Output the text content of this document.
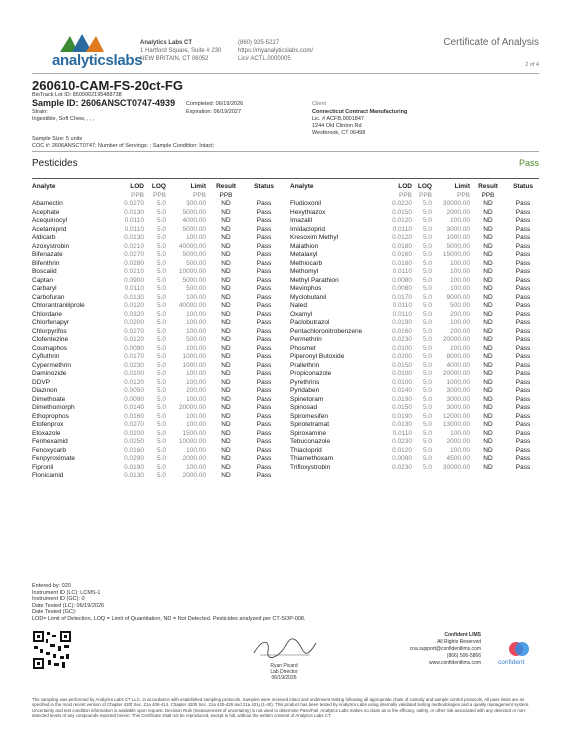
analyticslabs
Analytics Labs CT
1 Hartford Square, Suite # 230
NEW BRITAIN, CT 06052
(860) 925-5227
https://myanalyticslabs.com/
Lic# ACTL.0000005
Certificate of Analysis
2 of 4
260610-CAM-FS-20ct-FG
BioTrack Lot ID: 8509902195488738
Sample ID: 2606ANSCT0747-4939
Strain:
Ingestible, Soft Chew, , , ,
Completed: 06/19/2026
Expiration: 06/19/2027
Client
Connecticut Contract Manufacturing
Lic. # ACFB.0001847
1244 Old Clinton Rd
Westbrook, CT 06498
Sample Size: 5 units
COC #: 2606ANSCT0747; Number of Servings: ; Sample Condition: Intact;
Pesticides	Pass
Analyte	LOD	LOQ	Limit	Result	Status
	PPB	PPB	PPB	PPB	
Abamectin	0.0270	5.0	300.00	ND	Pass
Acephate	0.0130	5.0	5000.00	ND	Pass
Acequinocyl	0.0110	5.0	4000.00	ND	Pass
Acetamiprid	0.0110	5.0	5000.00	ND	Pass
Aldicarb	0.0130	5.0	100.00	ND	Pass
Azoxystrobin	0.0210	5.0	40000.00	ND	Pass
Bifenazate	0.0270	5.0	5000.00	ND	Pass
Bifenthrin	0.0280	5.0	500.00	ND	Pass
Boscalid	0.0210	5.0	10000.00	ND	Pass
Captan	0.0900	5.0	5000.00	ND	Pass
Carbaryl	0.0110	5.0	500.00	ND	Pass
Carbofuran	0.0130	5.0	100.00	ND	Pass
Chlorantraniliprole	0.0120	5.0	40000.00	ND	Pass
Chlordane	0.0320	5.0	100.00	ND	Pass
Chlorfenapyr	0.0200	5.0	100.00	ND	Pass
Chlorpyrifos	0.0270	5.0	100.00	ND	Pass
Clofentezine	0.0120	5.0	500.00	ND	Pass
Coumaphos	0.0090	5.0	100.00	ND	Pass
Cyfluthrin	0.0170	5.0	1000.00	ND	Pass
Cypermethrin	0.0230	5.0	1000.00	ND	Pass
Daminozide	0.0100	5.0	100.00	ND	Pass
DDVP	0.0120	5.0	100.00	ND	Pass
Diazinon	0.0050	5.0	200.00	ND	Pass
Dimethoate	0.0090	5.0	100.00	ND	Pass
Dimethomorph	0.0140	5.0	20000.00	ND	Pass
Ethoprophos	0.0160	5.0	100.00	ND	Pass
Etofenprox	0.0270	5.0	100.00	ND	Pass
Etoxazole	0.0200	5.0	1500.00	ND	Pass
Fenhexamid	0.0250	5.0	10000.00	ND	Pass
Fenoxycarb	0.0160	5.0	100.00	ND	Pass
Fenpyroximate	0.0290	5.0	2000.00	ND	Pass
Fipronil	0.0190	5.0	100.00	ND	Pass
Flonicamid	0.0130	5.0	2000.00	ND	Pass
Analyte	LOD	LOQ	Limit	Result	Status
	PPB	PPB	PPB	PPB	
Fludioxonil	0.0220	5.0	30000.00	ND	Pass
Hexythiazox	0.0150	5.0	2000.00	ND	Pass
Imazalil	0.0120	5.0	100.00	ND	Pass
Imidacloprid	0.0110	5.0	3000.00	ND	Pass
Kresoxim Methyl	0.0120	5.0	1000.00	ND	Pass
Malathion	0.0180	5.0	5000.00	ND	Pass
Metalaxyl	0.0160	5.0	15000.00	ND	Pass
Methiocarb	0.0180	5.0	100.00	ND	Pass
Methomyl	0.0110	5.0	100.00	ND	Pass
Methyl Parathion	0.0080	5.0	100.00	ND	Pass
Mevinphos	0.0080	5.0	100.00	ND	Pass
Myclobutanil	0.0170	5.0	9000.00	ND	Pass
Naled	0.0110	5.0	500.00	ND	Pass
Oxamyl	0.0110	5.0	200.00	ND	Pass
Paclobutrazol	0.0190	5.0	100.00	ND	Pass
Pentachloronitrobenzene	0.0160	5.0	200.00	ND	Pass
Permethrin	0.0230	5.0	20000.00	ND	Pass
Phosmet	0.0100	5.0	200.00	ND	Pass
Piperonyl Butoxide	0.0200	5.0	8000.00	ND	Pass
Prallethrin	0.0150	5.0	4000.00	ND	Pass
Propiconazole	0.0100	5.0	20000.00	ND	Pass
Pyrethrins	0.0100	5.0	1000.00	ND	Pass
Pyridaben	0.0240	5.0	3000.00	ND	Pass
Spinetoram	0.0190	5.0	3000.00	ND	Pass
Spinosad	0.0150	5.0	3000.00	ND	Pass
Spiromesifen	0.0190	5.0	12000.00	ND	Pass
Spirotetramat	0.0130	5.0	13000.00	ND	Pass
Spiroxamine	0.0110	5.0	100.00	ND	Pass
Tebuconazole	0.0230	5.0	2000.00	ND	Pass
Thiacloprid	0.0120	5.0	100.00	ND	Pass
Thiamethoxam	0.0080	5.0	4500.00	ND	Pass
Trifloxystrobin	0.0230	5.0	30000.00	ND	Pass
Entered by: 020
Instrument ID (LC): LCMS-1
Instrument ID (GC): 0
Date Tested (LC): 06/19/2026
Date Tested (GC):
LOD= Limit of Detection, LOQ = Limit of Quantitation, ND = Not Detected. Pesticides analyzed per CT-SOP-008.
Ryan Picard
Lab Director
06/19/2026
Confident LIMS
All Rights Reserved
coa.support@confidentlims.com
(866) 506-5866
www.confidentlims.com	confident
The sampling was performed by Analytics Labs CT LLC. in accordance with established sampling protocols. Samples were received intact and underwent testing following all appropriate chain of custody and sample control protocols. All pass limits are as specified in the most recent version of Chapter 420f Sec. 21a 408-414, Chapter 420h Sec. 21a 420-429 and 21a 421j (1-40). This product has been tested by Analytics Labs using internally validated testing methodologies and a quality management system. Uncertainty and test condition information is available upon request. Decision Rule (measurement of uncertainty) is not used to determine Pass/Fail. Analytics Labs makes no claim as to the efficacy, safety, or other risk associated with any detected or non-detected levels of any compounds reported herein. This Certificate shall not be reproduced, except in full, without the written consent of Analytics Labs CT.
